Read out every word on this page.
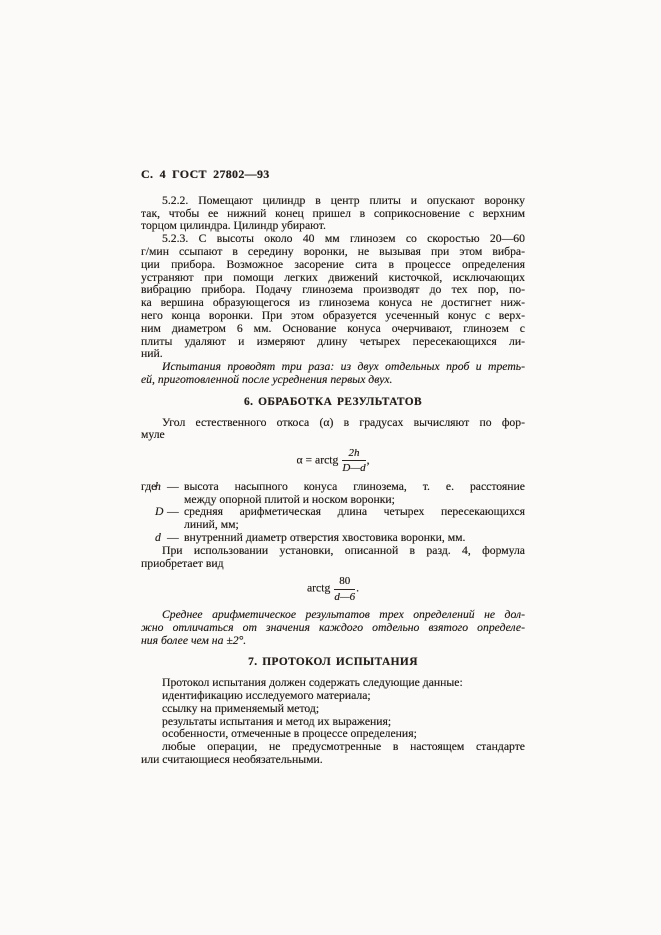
С. 4 ГОСТ 27802—93
5.2.2. Помещают цилиндр в центр плиты и опускают воронку
так, чтобы ее нижний конец пришел в соприкосновение с верхним
торцом цилиндра. Цилиндр убирают.
5.2.3. С высоты около 40 мм глинозем со скоростью 20—60
г/мин ссыпают в середину воронки, не вызывая при этом вибра-
ции прибора. Возможное засорение сита в процессе определения
устраняют при помощи легких движений кисточкой, исключающих
вибрацию прибора. Подачу глинозема производят до тех пор, по-
ка вершина образующегося из глинозема конуса не достигнет ниж-
него конца воронки. При этом образуется усеченный конус с верх-
ним диаметром 6 мм. Основание конуса очерчивают, глинозем с
плиты удаляют и измеряют длину четырех пересекающихся ли-
ний.
Испытания проводят три раза: из двух отдельных проб и треть-
ей, приготовленной после усреднения первых двух.
6. ОБРАБОТКА РЕЗУЛЬТАТОВ
Угол естественного откоса (α) в градусах вычисляют по фор-
муле
α = arctg $\frac{2h}{D—d}$ ,
где
h — высота насыпного конуса глинозема, т. е. расстояние
между опорной плитой и носком воронки;
D — средняя арифметическая длина четырех пересекающихся
линий, мм;
d — внутренний диаметр отверстия хвостовика воронки, мм.
При использовании установки, описанной в разд. 4, формула
приобретает вид
arctg $\frac{80}{d—6}$ .
Среднее арифметическое результатов трех определений не дол-
жно отличаться от значения каждого отдельно взятого определе-
ния более чем на ±2°.
7. ПРОТОКОЛ ИСПЫТАНИЯ
Протокол испытания должен содержать следующие данные:
идентификацию исследуемого материала;
ссылку на применяемый метод;
результаты испытания и метод их выражения;
особенности, отмеченные в процессе определения;
любые операции, не предусмотренные в настоящем стандарте
или считающиеся необязательными.
